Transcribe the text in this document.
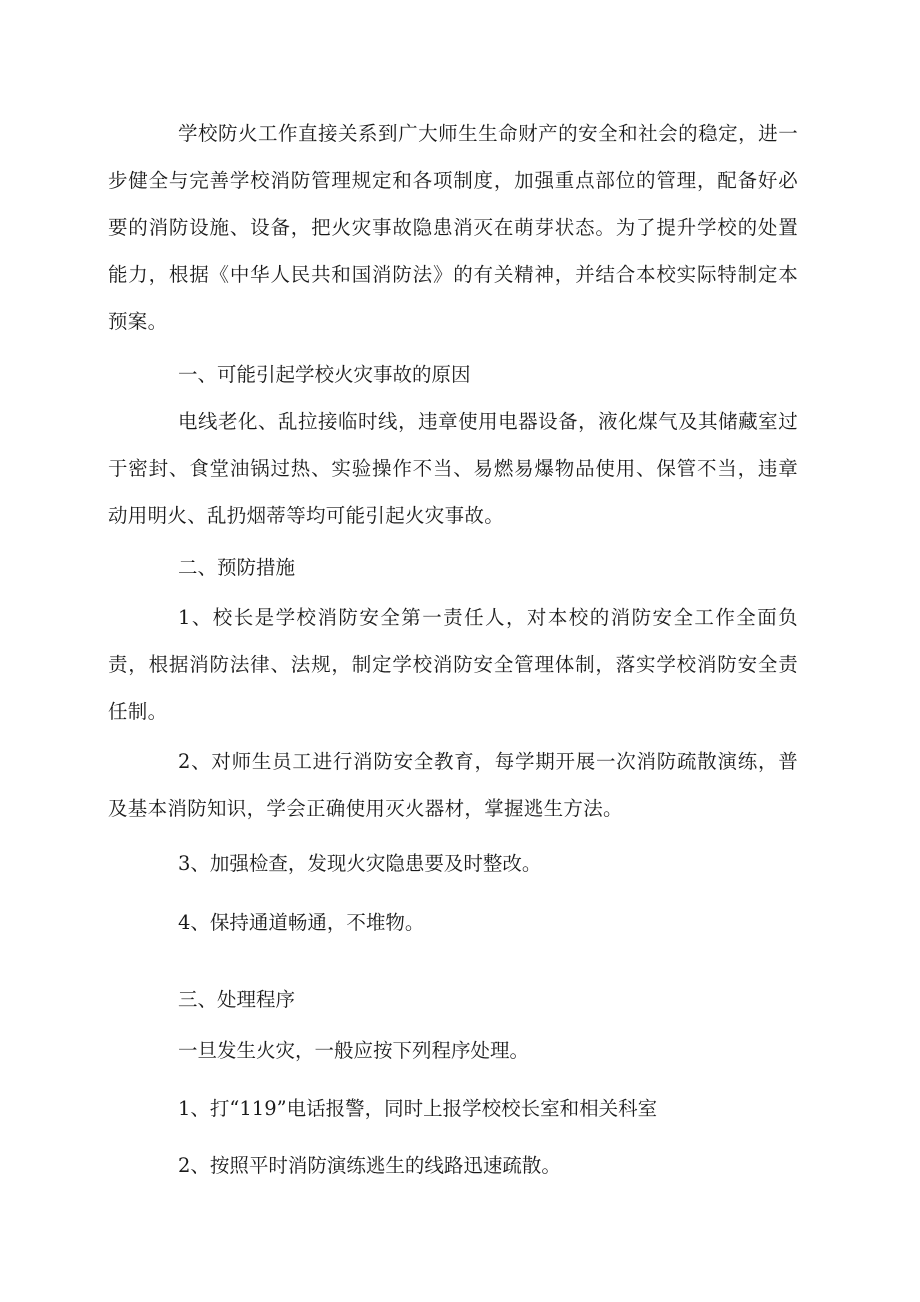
学校防火工作直接关系到广大师生生命财产的安全和社会的稳定，进一步健全与完善学校消防管理规定和各项制度，加强重点部位的管理，配备好必要的消防设施、设备，把火灾事故隐患消灭在萌芽状态。为了提升学校的处置能力，根据《中华人民共和国消防法》的有关精神，并结合本校实际特制定本预案。

一、可能引起学校火灾事故的原因

电线老化、乱拉接临时线，违章使用电器设备，液化煤气及其储藏室过于密封、食堂油锅过热、实验操作不当、易燃易爆物品使用、保管不当，违章动用明火、乱扔烟蒂等均可能引起火灾事故。

二、预防措施

1、校长是学校消防安全第一责任人，对本校的消防安全工作全面负责，根据消防法律、法规，制定学校消防安全管理体制，落实学校消防安全责任制。

2、对师生员工进行消防安全教育，每学期开展一次消防疏散演练，普及基本消防知识，学会正确使用灭火器材，掌握逃生方法。

3、加强检查，发现火灾隐患要及时整改。

4、保持通道畅通，不堆物。

三、处理程序

一旦发生火灾，一般应按下列程序处理。

1、打“119”电话报警，同时上报学校校长室和相关科室

2、按照平时消防演练逃生的线路迅速疏散。
